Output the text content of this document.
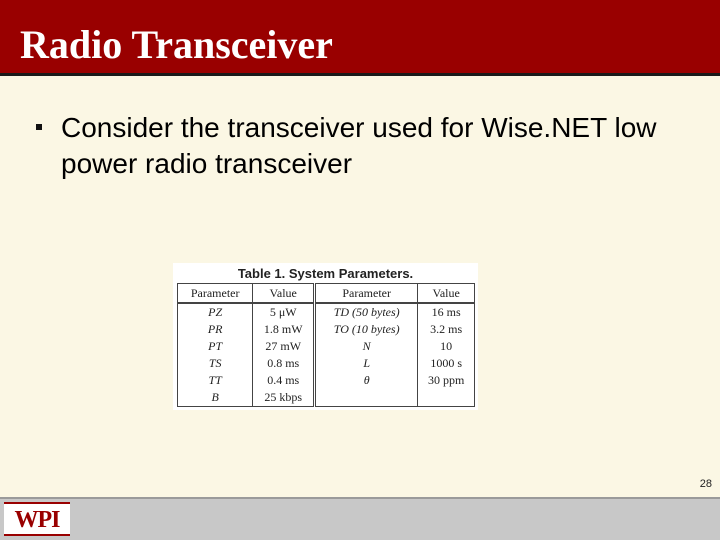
Radio Transceiver
Consider the transceiver used for Wise.NET low power radio transceiver
Table 1. System Parameters.
Parameter	Value	Parameter	Value
PZ	5 μW	TD (50 bytes)	16 ms
PR	1.8 mW	TO (10 bytes)	3.2 ms
PT	27 mW	N	10
TS	0.8 ms	L	1000 s
TT	0.4 ms	θ	30 ppm
B	25 kbps		
28
WPI
